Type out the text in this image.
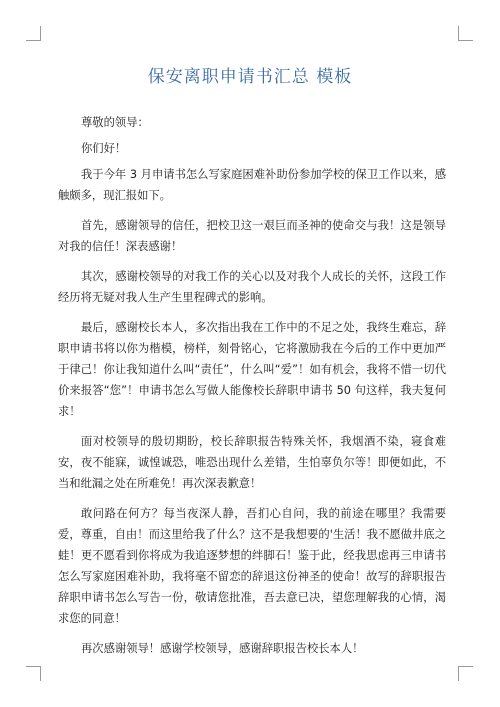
保安离职申请书汇总 模板

尊敬的领导：

你们好！

我于今年 3 月申请书怎么写家庭困难补助份参加学校的保卫工作以来，感触颇多，现汇报如下。

首先，感谢领导的信任，把校卫这一艰巨而圣神的使命交与我！这是领导对我的信任！深表感谢！

其次，感谢校领导的对我工作的关心以及对我个人成长的关怀，这段工作经历将无疑对我人生产生里程碑式的影响。

最后，感谢校长本人，多次指出我在工作中的不足之处，我终生难忘，辞职申请书将以你为楷模，榜样，刻骨铭心，它将激励我在今后的工作中更加严于律己！你让我知道什么叫“责任”，什么叫“爱”！如有机会，我将不惜一切代价来报答“您”！申请书怎么写做人能像校长辞职申请书 50 句这样，我夫复何求！

面对校领导的殷切期盼，校长辞职报告特殊关怀，我烟酒不染，寝食难安，夜不能寐，诚惶诚恐，唯恐出现什么差错，生怕辜负尔等！即便如此，不当和纰漏之处在所难免！再次深表歉意！

敢问路在何方？每当夜深人静，吾扪心自问，我的前途在哪里？我需要爱，尊重，自由！而这里给我了什么？这不是我想要的'生活！我不愿做井底之蛙！更不愿看到你将成为我追逐梦想的绊脚石！鉴于此，经我思虑再三申请书怎么写家庭困难补助，我将毫不留恋的辞退这份神圣的使命！故写的辞职报告辞职申请书怎么写告一份，敬请您批准，吾去意已决，望您理解我的心情，渴求您的同意！

再次感谢领导！感谢学校领导，感谢辞职报告校长本人！
